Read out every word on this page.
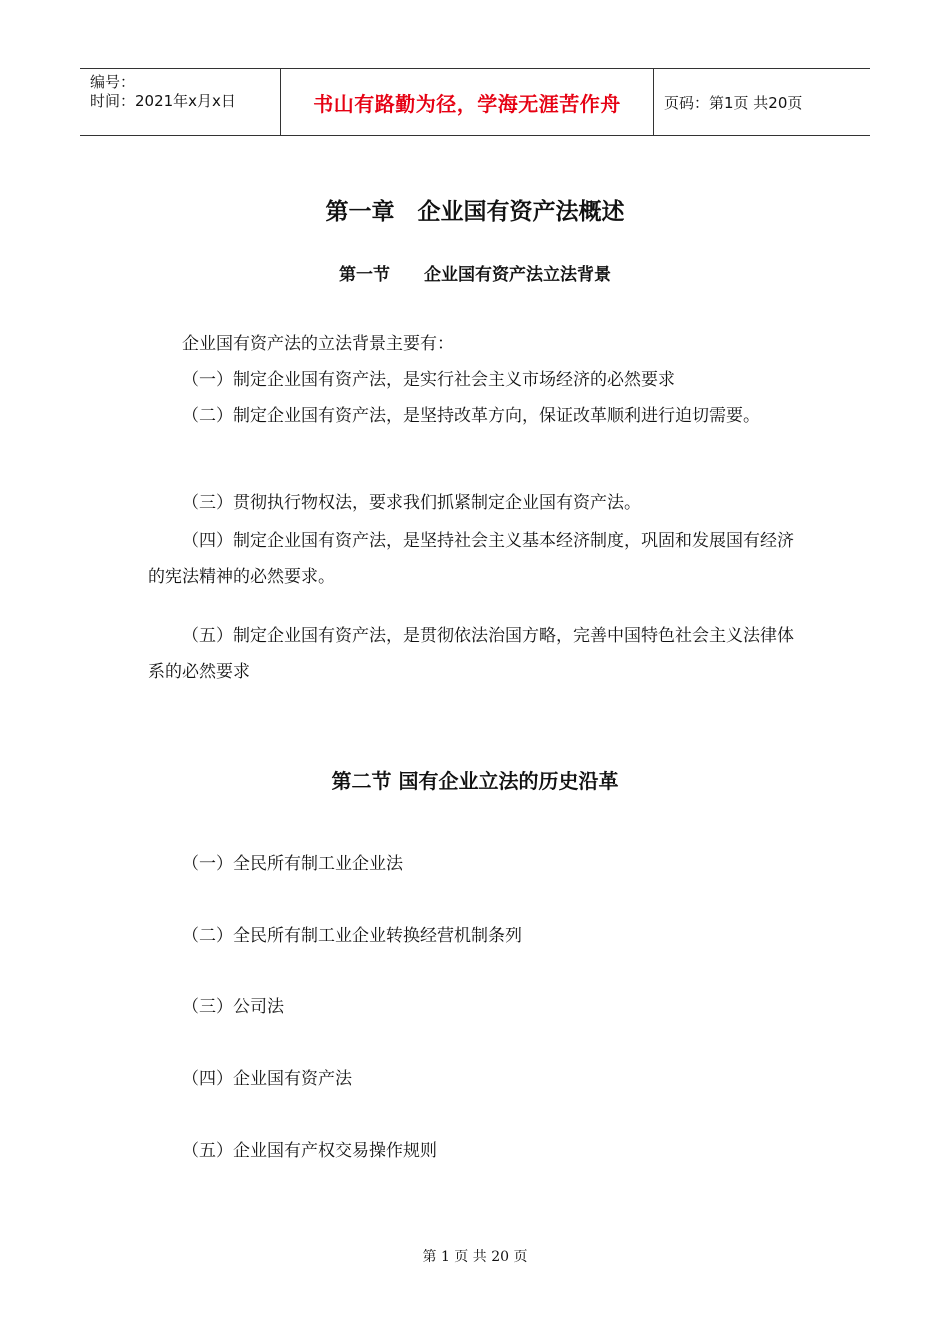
编号：
时间：2021年x月x日	书山有路勤为径，学海无涯苦作舟	页码：第1页 共20页
第一章　企业国有资产法概述
第一节　　企业国有资产法立法背景

企业国有资产法的立法背景主要有：

（一）制定企业国有资产法，是实行社会主义市场经济的必然要求

（二）制定企业国有资产法，是坚持改革方向，保证改革顺利进行迫切需要。

（三）贯彻执行物权法，要求我们抓紧制定企业国有资产法。

（四）制定企业国有资产法，是坚持社会主义基本经济制度，巩固和发展国有经济的宪法精神的必然要求。

（五）制定企业国有资产法，是贯彻依法治国方略，完善中国特色社会主义法律体系的必然要求

第二节 国有企业立法的历史沿革

（一）全民所有制工业企业法

（二）全民所有制工业企业转换经营机制条列

（三）公司法

（四）企业国有资产法

（五）企业国有产权交易操作规则

第 1 页 共 20 页
